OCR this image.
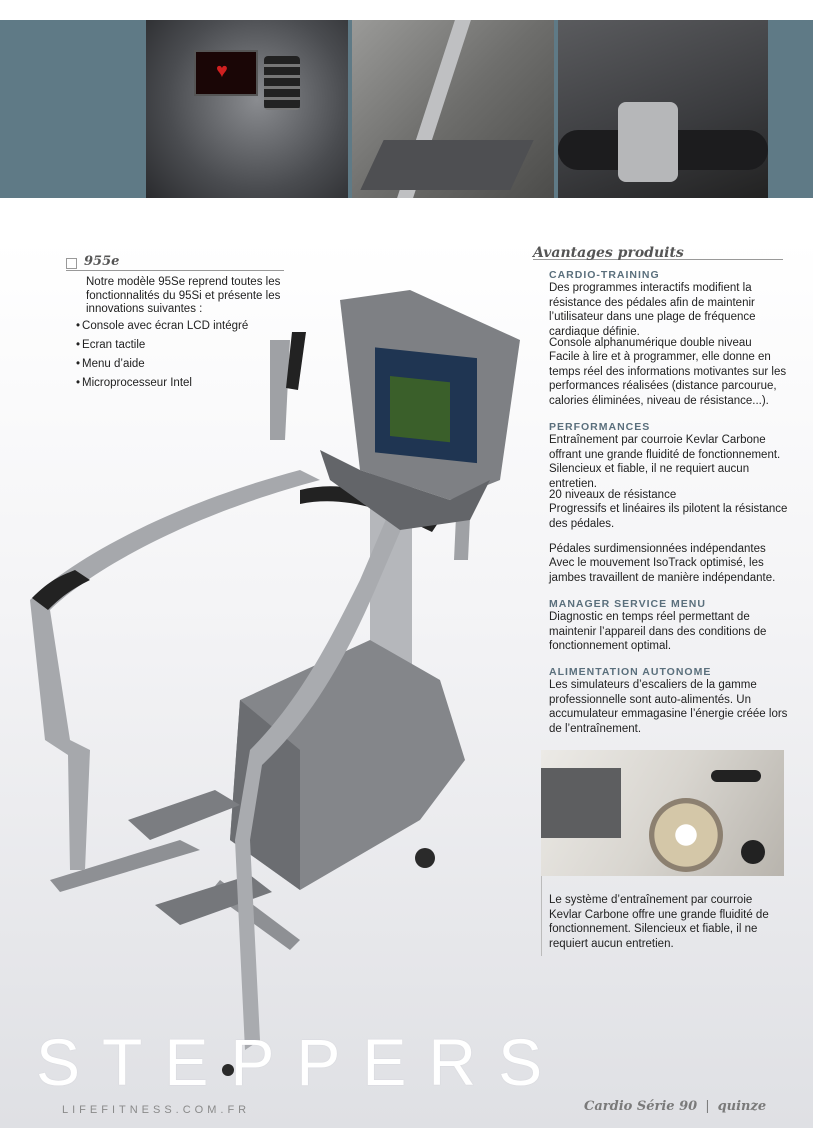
♥
955e
Notre modèle 95Se reprend toutes les fonctionnalités du 95Si et présente les innovations suivantes :
• Console avec écran LCD intégré
• Ecran tactile
• Menu d’aide
• Microprocesseur Intel
Avantages produits
CARDIO-TRAINING
Des programmes interactifs modifient la résistance des pédales afin de maintenir l’utilisateur dans une plage de fréquence cardiaque définie.
Console alphanumérique double niveau
Facile à lire et à programmer, elle donne en temps réel des informations motivantes sur les performances réalisées (distance parcourue, calories éliminées, niveau de résistance...).
PERFORMANCES
Entraînement par courroie Kevlar Carbone offrant une grande fluidité de fonctionnement. Silencieux et fiable, il ne requiert aucun entretien.
20 niveaux de résistance
Progressifs et linéaires ils pilotent la résistance des pédales.
Pédales surdimensionnées indépendantes
Avec le mouvement IsoTrack optimisé, les jambes travaillent de manière indépendante.
MANAGER SERVICE MENU
Diagnostic en temps réel permettant de maintenir l’appareil dans des conditions de fonctionnement optimal.
ALIMENTATION AUTONOME
Les simulateurs d’escaliers de la gamme professionnelle sont auto-alimentés. Un accumulateur emmagasine l’énergie créée lors de l’entraînement.
Le système d’entraînement par courroie Kevlar Carbone offre une grande fluidité de fonctionnement. Silencieux et fiable, il ne requiert aucun entretien.
STEPPERS
LIFEFITNESS.COM.FR	Cardio Série 90 | quinze
